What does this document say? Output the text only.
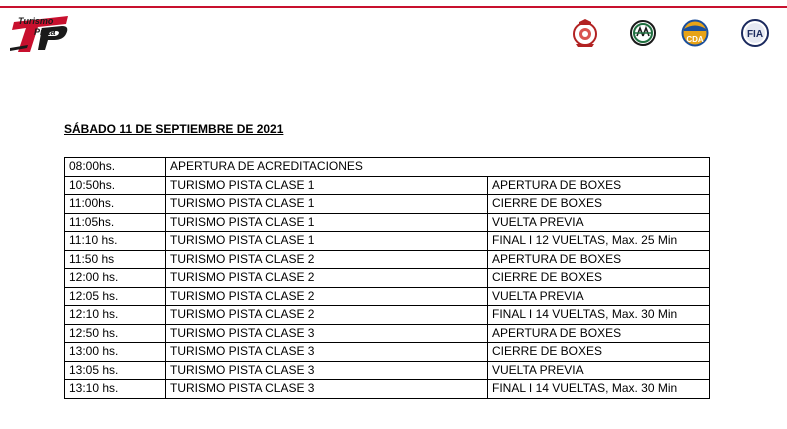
Turismo
Pista
CDA	FIA
SÁBADO 11 DE SEPTIEMBRE DE 2021
08:00hs.	APERTURA DE ACREDITACIONES	
10:50hs.	TURISMO PISTA CLASE 1	APERTURA DE BOXES
11:00hs.	TURISMO PISTA CLASE 1	CIERRE DE BOXES
11:05hs.	TURISMO PISTA CLASE 1	VUELTA PREVIA
11:10 hs.	TURISMO PISTA CLASE 1	FINAL I 12 VUELTAS, Max. 25 Min
11:50 hs	TURISMO PISTA CLASE 2	APERTURA DE BOXES
12:00 hs.	TURISMO PISTA CLASE 2	CIERRE DE BOXES
12:05 hs.	TURISMO PISTA CLASE 2	VUELTA PREVIA
12:10 hs.	TURISMO PISTA CLASE 2	FINAL I 14 VUELTAS, Max. 30 Min
12:50 hs.	TURISMO PISTA CLASE 3	APERTURA DE BOXES
13:00 hs.	TURISMO PISTA CLASE 3	CIERRE DE BOXES
13:05 hs.	TURISMO PISTA CLASE 3	VUELTA PREVIA
13:10 hs.	TURISMO PISTA CLASE 3	FINAL I 14 VUELTAS, Max. 30 Min
